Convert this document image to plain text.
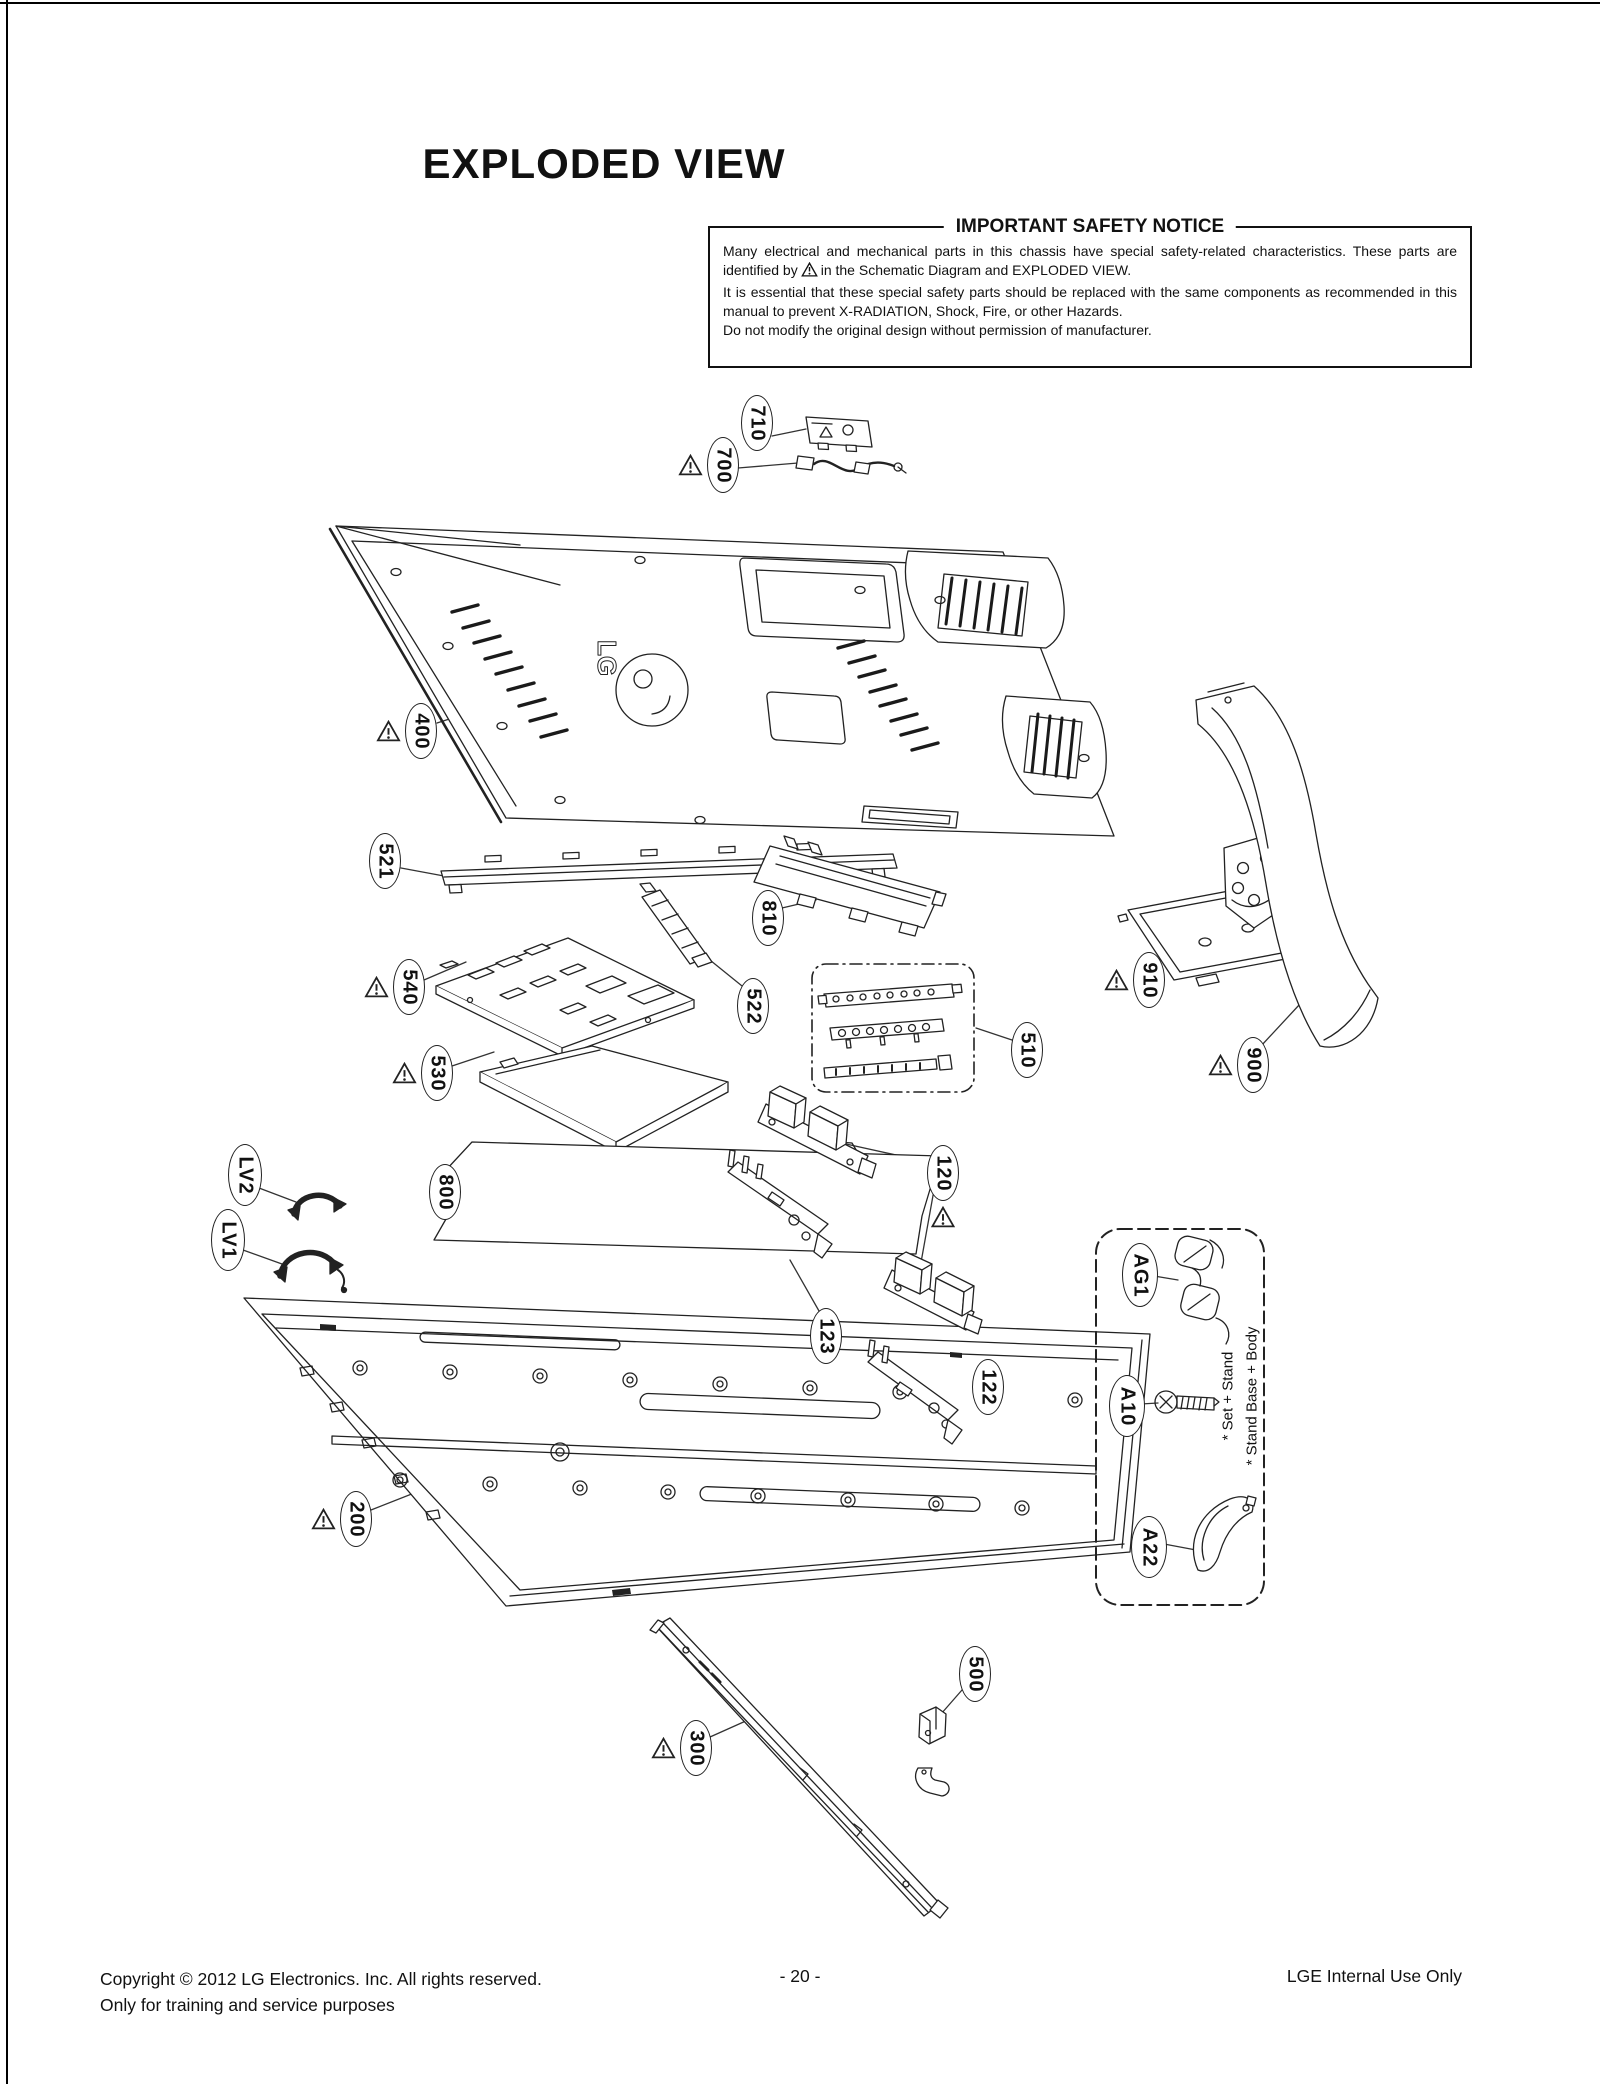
EXPLODED VIEW
IMPORTANT SAFETY NOTICE

Many electrical and mechanical parts in this chassis have special safety-related characteristics. These parts are identified by in the Schematic Diagram and EXPLODED VIEW.

It is essential that these special safety parts should be replaced with the same components as recommended in this manual to prevent X-RADIATION, Shock, Fire, or other Hazards.

Do not modify the original design without permission of manufacturer.

LG
* Set + Stand * Stand Base + Body
710
700
400
521
810
540
522
510
910
900
530
800
LV2
LV1
120
123
122
200
AG1
A10
A22
300
500
Copyright © 2012 LG Electronics. Inc. All rights reserved.
Only for training and service purposes
- 20 -	LGE Internal Use Only
